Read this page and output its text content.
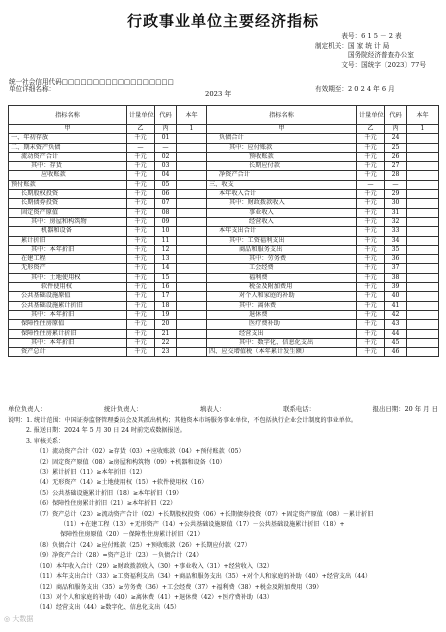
行政事业单位主要经济指标
表号：6 1 5 － 2 表
制定机关：国 家 统 计 局
国务院经济普查办公室
文号：国统字〔2023〕77号
统一社会信用代码□□□□□□□□□□□□□□□□□□
单位详细名称：
2023 年
有效期至：2 0 2 4 年 6 月
指标名称	计量单位	代码	本年	指标名称	计量单位	代码	本年
甲	乙	丙	1	甲	乙	丙	1
一、年初存放	千元	01		负债合计	千元	24	
二、期末资产负债	—	—		其中：应付账款	千元	25	
流动资产合计	千元	02		预收账款	千元	26	
其中：存货	千元	03		长期应付款	千元	27	
应收账款	千元	04		净资产合计	千元	28	
预付账款	千元	05		三、收支	—	—	
长期股权投资	千元	06		本年收入合计	千元	29	
长期债券投资	千元	07		其中：财政拨款收入	千元	30	
固定资产原值	千元	08		事业收入	千元	31	
其中：房屋和构筑物	千元	09		经营收入	千元	32	
机器和设备	千元	10		本年支出合计	千元	33	
累计折旧	千元	11		其中：工资福利支出	千元	34	
其中：本年折旧	千元	12		商品和服务支出	千元	35	
在建工程	千元	13		其中：劳务费	千元	36	
无形资产	千元	14		工会经费	千元	37	
其中：土地使用权	千元	15		福利费	千元	38	
软件使用权	千元	16		税金及附加费用	千元	39	
公共基础设施原值	千元	17		对个人和家庭的补助	千元	40	
公共基础设施累计折旧	千元	18		其中：离休费	千元	41	
其中：本年折旧	千元	19		退休费	千元	42	
保障性住房原值	千元	20		医疗费补助	千元	43	
保障性住房累计折旧	千元	21		经营支出	千元	44	
其中：本年折旧	千元	22		其中：数字化、信息化支出	千元	45	
资产总计	千元	23		四、应交增值税（本年累计发生额）	千元	46	
单位负责人：	统计负责人：	填表人：	联系电话：	报出日期：20 年 月 日
说明：1. 统计范围：中国证券监督管理委员会及其派出机构；其他资本市场服务事业单位，不包括执行企业会计制度的事业单位。
2. 报送日期：2024 年 5 月 30 日 24 时前完成数据报送。
3. 审核关系：
（1）流动资产合计（02）≥存货（03）+应收账款（04）+预付账款（05）
（2）固定资产原值（08）≥房屋和构筑物（09）+机器和设备（10）
（3）累计折旧（11）≥本年折旧（12）
（4）无形资产（14）≥土地使用权（15）+软件使用权（16）
（5）公共基础设施累计折旧（18）≥本年折旧（19）
（6）保障性住房累计折旧（21）≥本年折旧（22）
（7）资产总计（23）≥流动资产合计（02）+长期股权投资（06）+长期债券投资（07）+固定资产原值（08）－累计折旧
（11）+在建工程（13）+无形资产（14）+公共基础设施原值（17）－公共基础设施累计折旧（18）+
保障性住房原值（20）－保障性住房累计折旧（21）
（8）负债合计（24）≥应付账款（25）+预收账款（26）+长期应付款（27）
（9）净资产合计（28）=资产总计（23）－负债合计（24）
（10）本年收入合计（29）≥财政拨款收入（30）+事业收入（31）+经营收入（32）
（11）本年支出合计（33）≥工资福利支出（34）+商品和服务支出（35）+对个人和家庭的补助（40）+经营支出（44）
（12）商品和服务支出（35）≥劳务费（36）+工会经费（37）+福利费（38）+税金及附加费用（39）
（13）对个人和家庭的补助（40）≥离休费（41）+退休费（42）+医疗费补助（43）
（14）经营支出（44）≥数字化、信息化支出（45）
◎ 大数据
